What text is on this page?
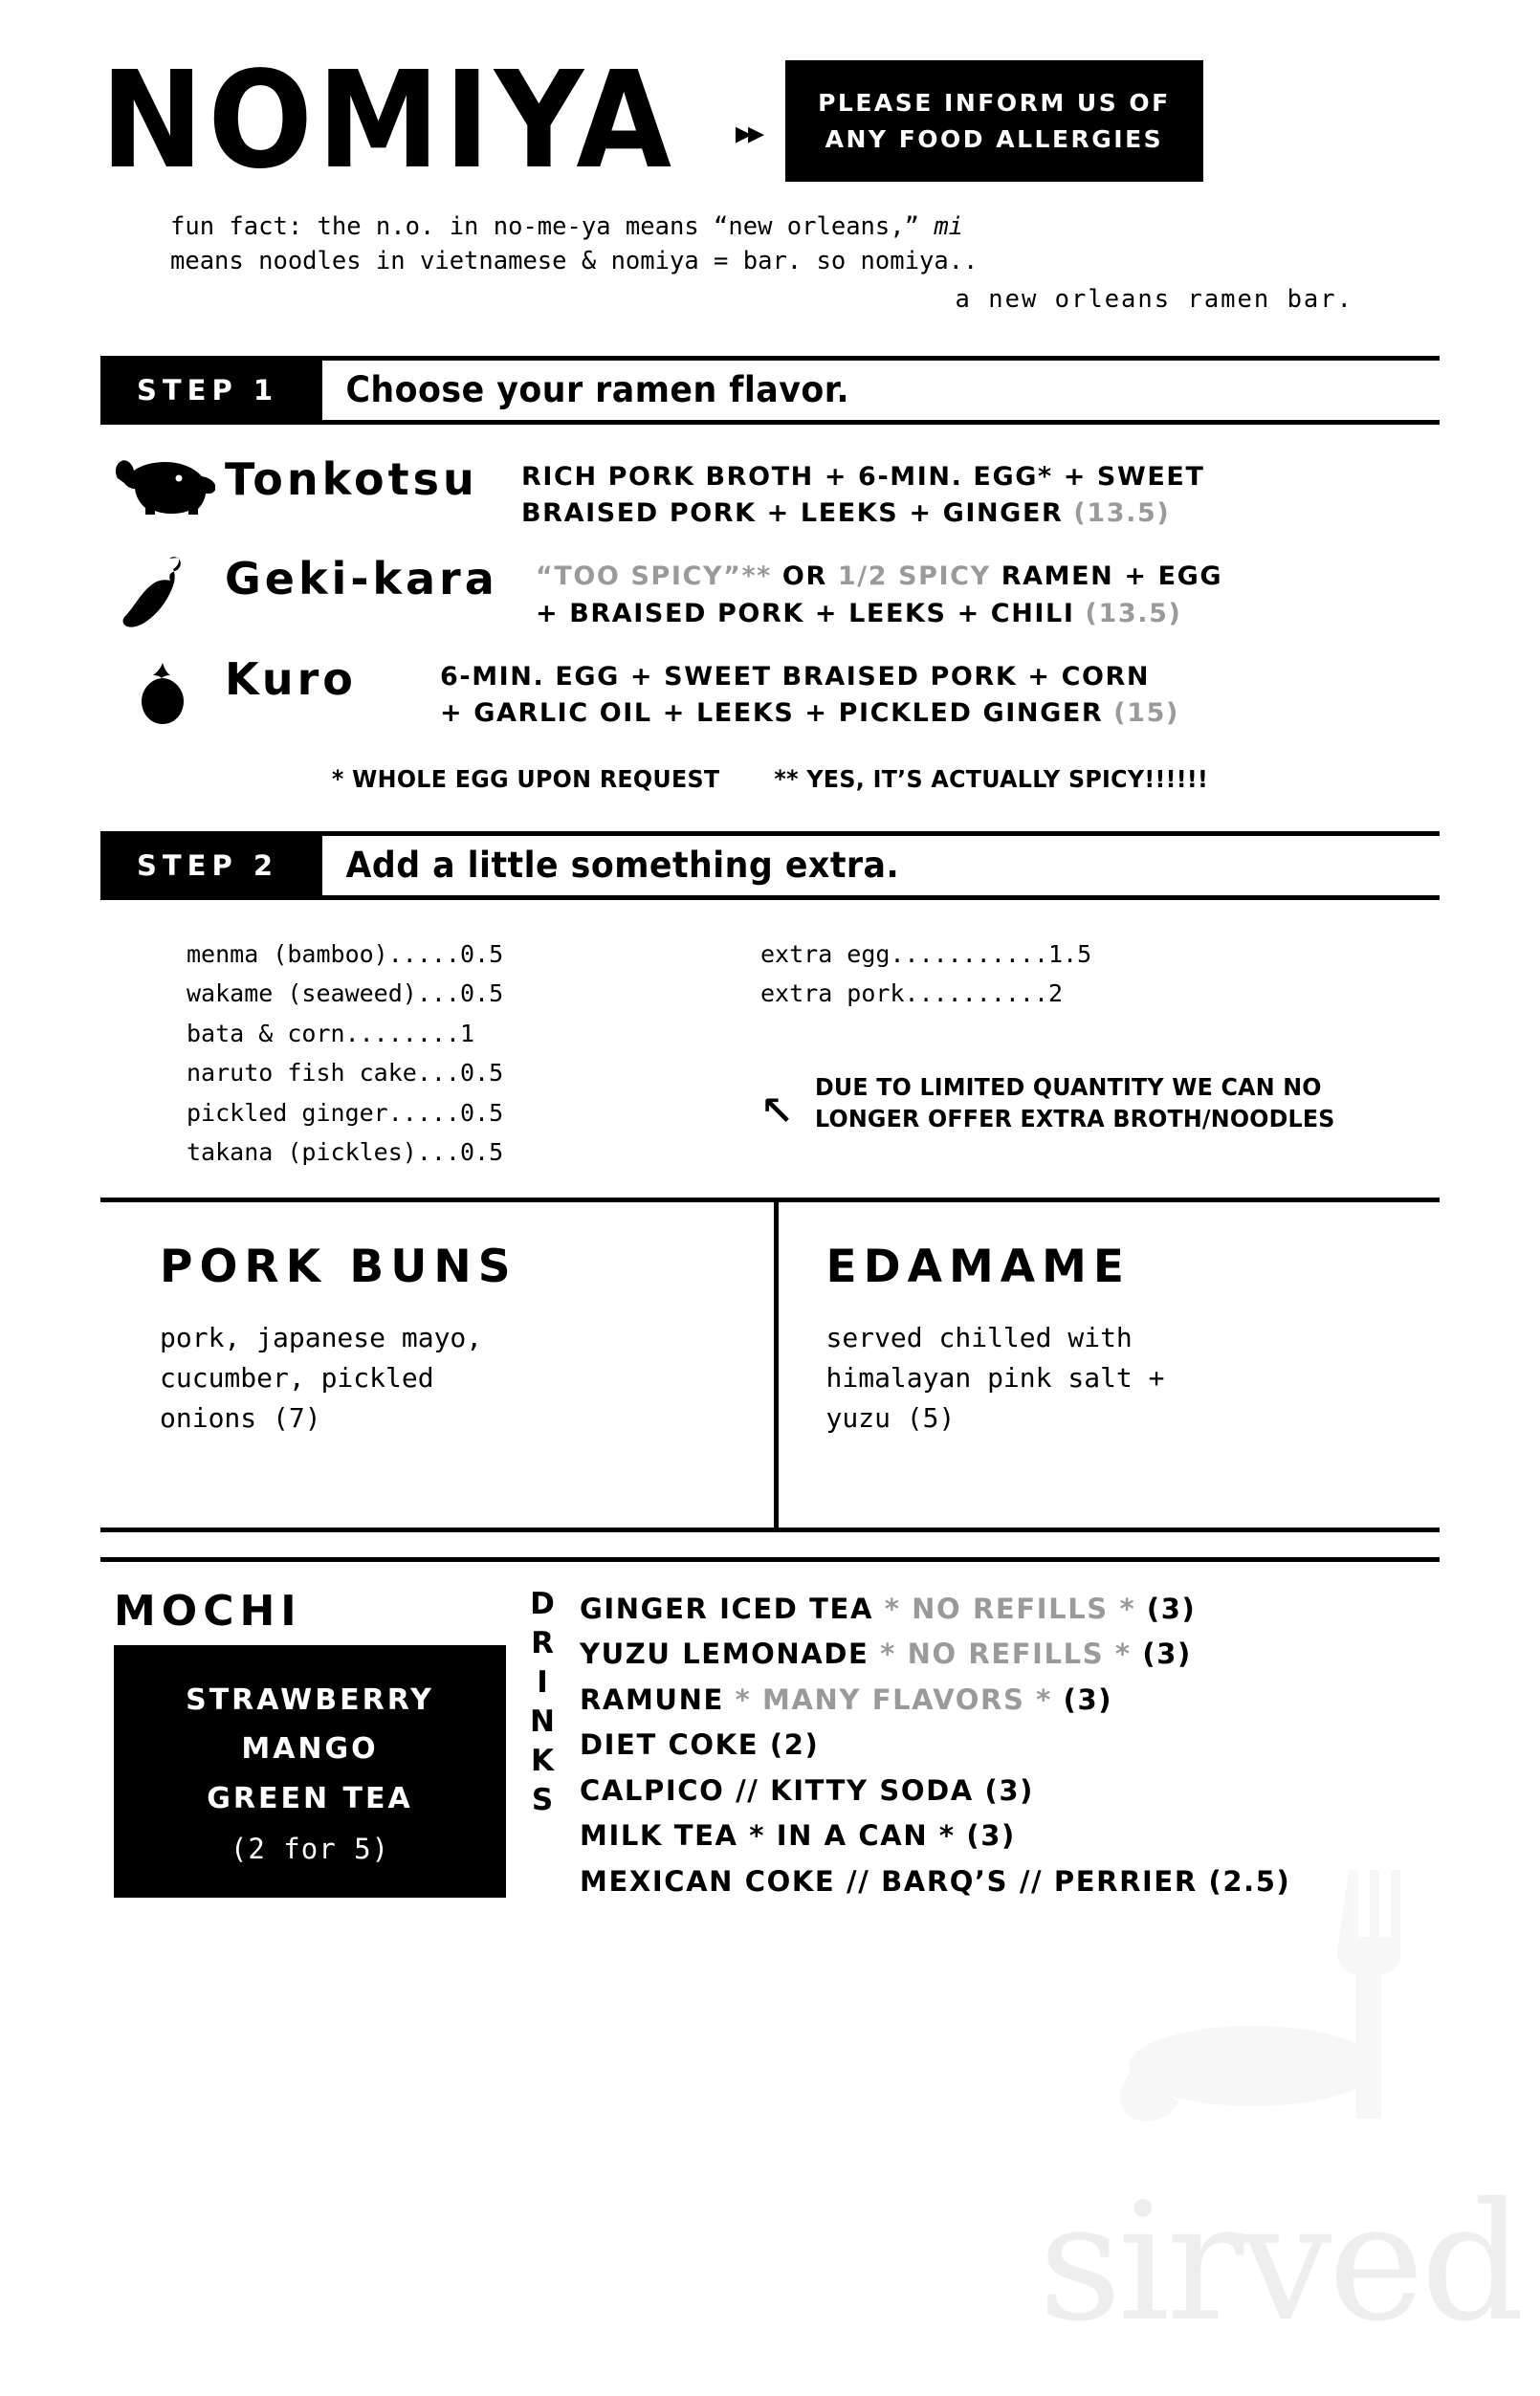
sirved
NOMIYA ▸▸
PLEASE INFORM US OF
ANY FOOD ALLERGIES
fun fact: the n.o. in no-me-ya means “new orleans,” mi
means noodles in vietnamese & nomiya = bar. so nomiya..
a new orleans ramen bar.
STEP 1	Choose your ramen flavor.
Tonkotsu	RICH PORK BROTH + 6-MIN. EGG* + SWEET
BRAISED PORK + LEEKS + GINGER (13.5)
Geki-kara	“TOO SPICY”** OR 1/2 SPICY RAMEN + EGG
+ BRAISED PORK + LEEKS + CHILI (13.5)
Kuro	6-MIN. EGG + SWEET BRAISED PORK + CORN
+ GARLIC OIL + LEEKS + PICKLED GINGER (15)
* WHOLE EGG UPON REQUEST ** YES, IT’S ACTUALLY SPICY!!!!!!
STEP 2	Add a little something extra.
menma (bamboo).....0.5
wakame (seaweed)...0.5
bata & corn........1
naruto fish cake...0.5
pickled ginger.....0.5
takana (pickles)...0.5
extra egg...........1.5
extra pork..........2
↖ DUE TO LIMITED QUANTITY WE CAN NO
LONGER OFFER EXTRA BROTH/NOODLES
PORK BUNS
pork, japanese mayo,
cucumber, pickled
onions (7)
EDAMAME
served chilled with
himalayan pink salt +
yuzu (5)
MOCHI
STRAWBERRY
MANGO
GREEN TEA
(2 for 5)
DRINKS GINGER ICED TEA * NO REFILLS * (3)
YUZU LEMONADE * NO REFILLS * (3)
RAMUNE * MANY FLAVORS * (3)
DIET COKE (2)
CALPICO // KITTY SODA (3)
MILK TEA * IN A CAN * (3)
MEXICAN COKE // BARQ’S // PERRIER (2.5)
